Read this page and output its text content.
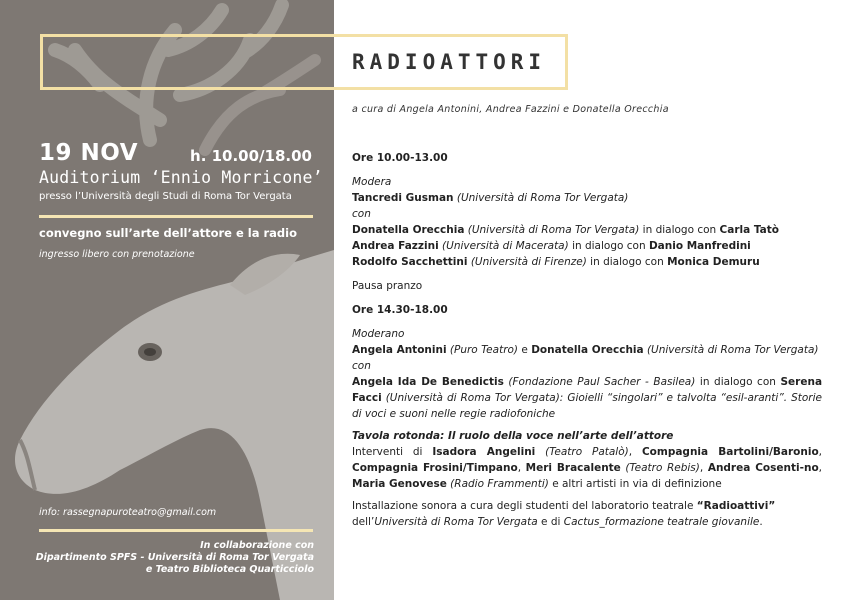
19 NOV	h. 10.00/18.00
Auditorium ‘Ennio Morricone’
presso l’Università degli Studi di Roma Tor Vergata
convegno sull’arte dell’attore e la radio
ingresso libero con prenotazione
info: rassegnapuroteatro@gmail.com
In collaborazione con
Dipartimento SPFS - Università di Roma Tor Vergata
e Teatro Biblioteca Quarticciolo
RADIOATTORI
a cura di Angela Antonini, Andrea Fazzini e Donatella Orecchia

Ore 10.00-13.00

Modera

Tancredi Gusman (Università di Roma Tor Vergata)

con

Donatella Orecchia (Università di Roma Tor Vergata) in dialogo con Carla Tatò

Andrea Fazzini (Università di Macerata) in dialogo con Danio Manfredini

Rodolfo Sacchettini (Università di Firenze) in dialogo con Monica Demuru

Pausa pranzo

Ore 14.30-18.00

Moderano

Angela Antonini (Puro Teatro) e Donatella Orecchia (Università di Roma Tor Vergata)

con

Angela Ida De Benedictis (Fondazione Paul Sacher - Basilea) in dialogo con Serena Facci (Università di Roma Tor Vergata): Gioielli “singolari” e talvolta “esil-aranti”. Storie di voci e suoni nelle regie radiofoniche

Tavola rotonda: Il ruolo della voce nell’arte dell’attore

Interventi di Isadora Angelini (Teatro Patalò), Compagnia Bartolini/Baronio, Compagnia Frosini/Timpano, Meri Bracalente (Teatro Rebis), Andrea Cosenti-no, Maria Genovese (Radio Frammenti) e altri artisti in via di definizione

Installazione sonora a cura degli studenti del laboratorio teatrale “Radioattivi” dell’Università di Roma Tor Vergata e di Cactus_formazione teatrale giovanile.
